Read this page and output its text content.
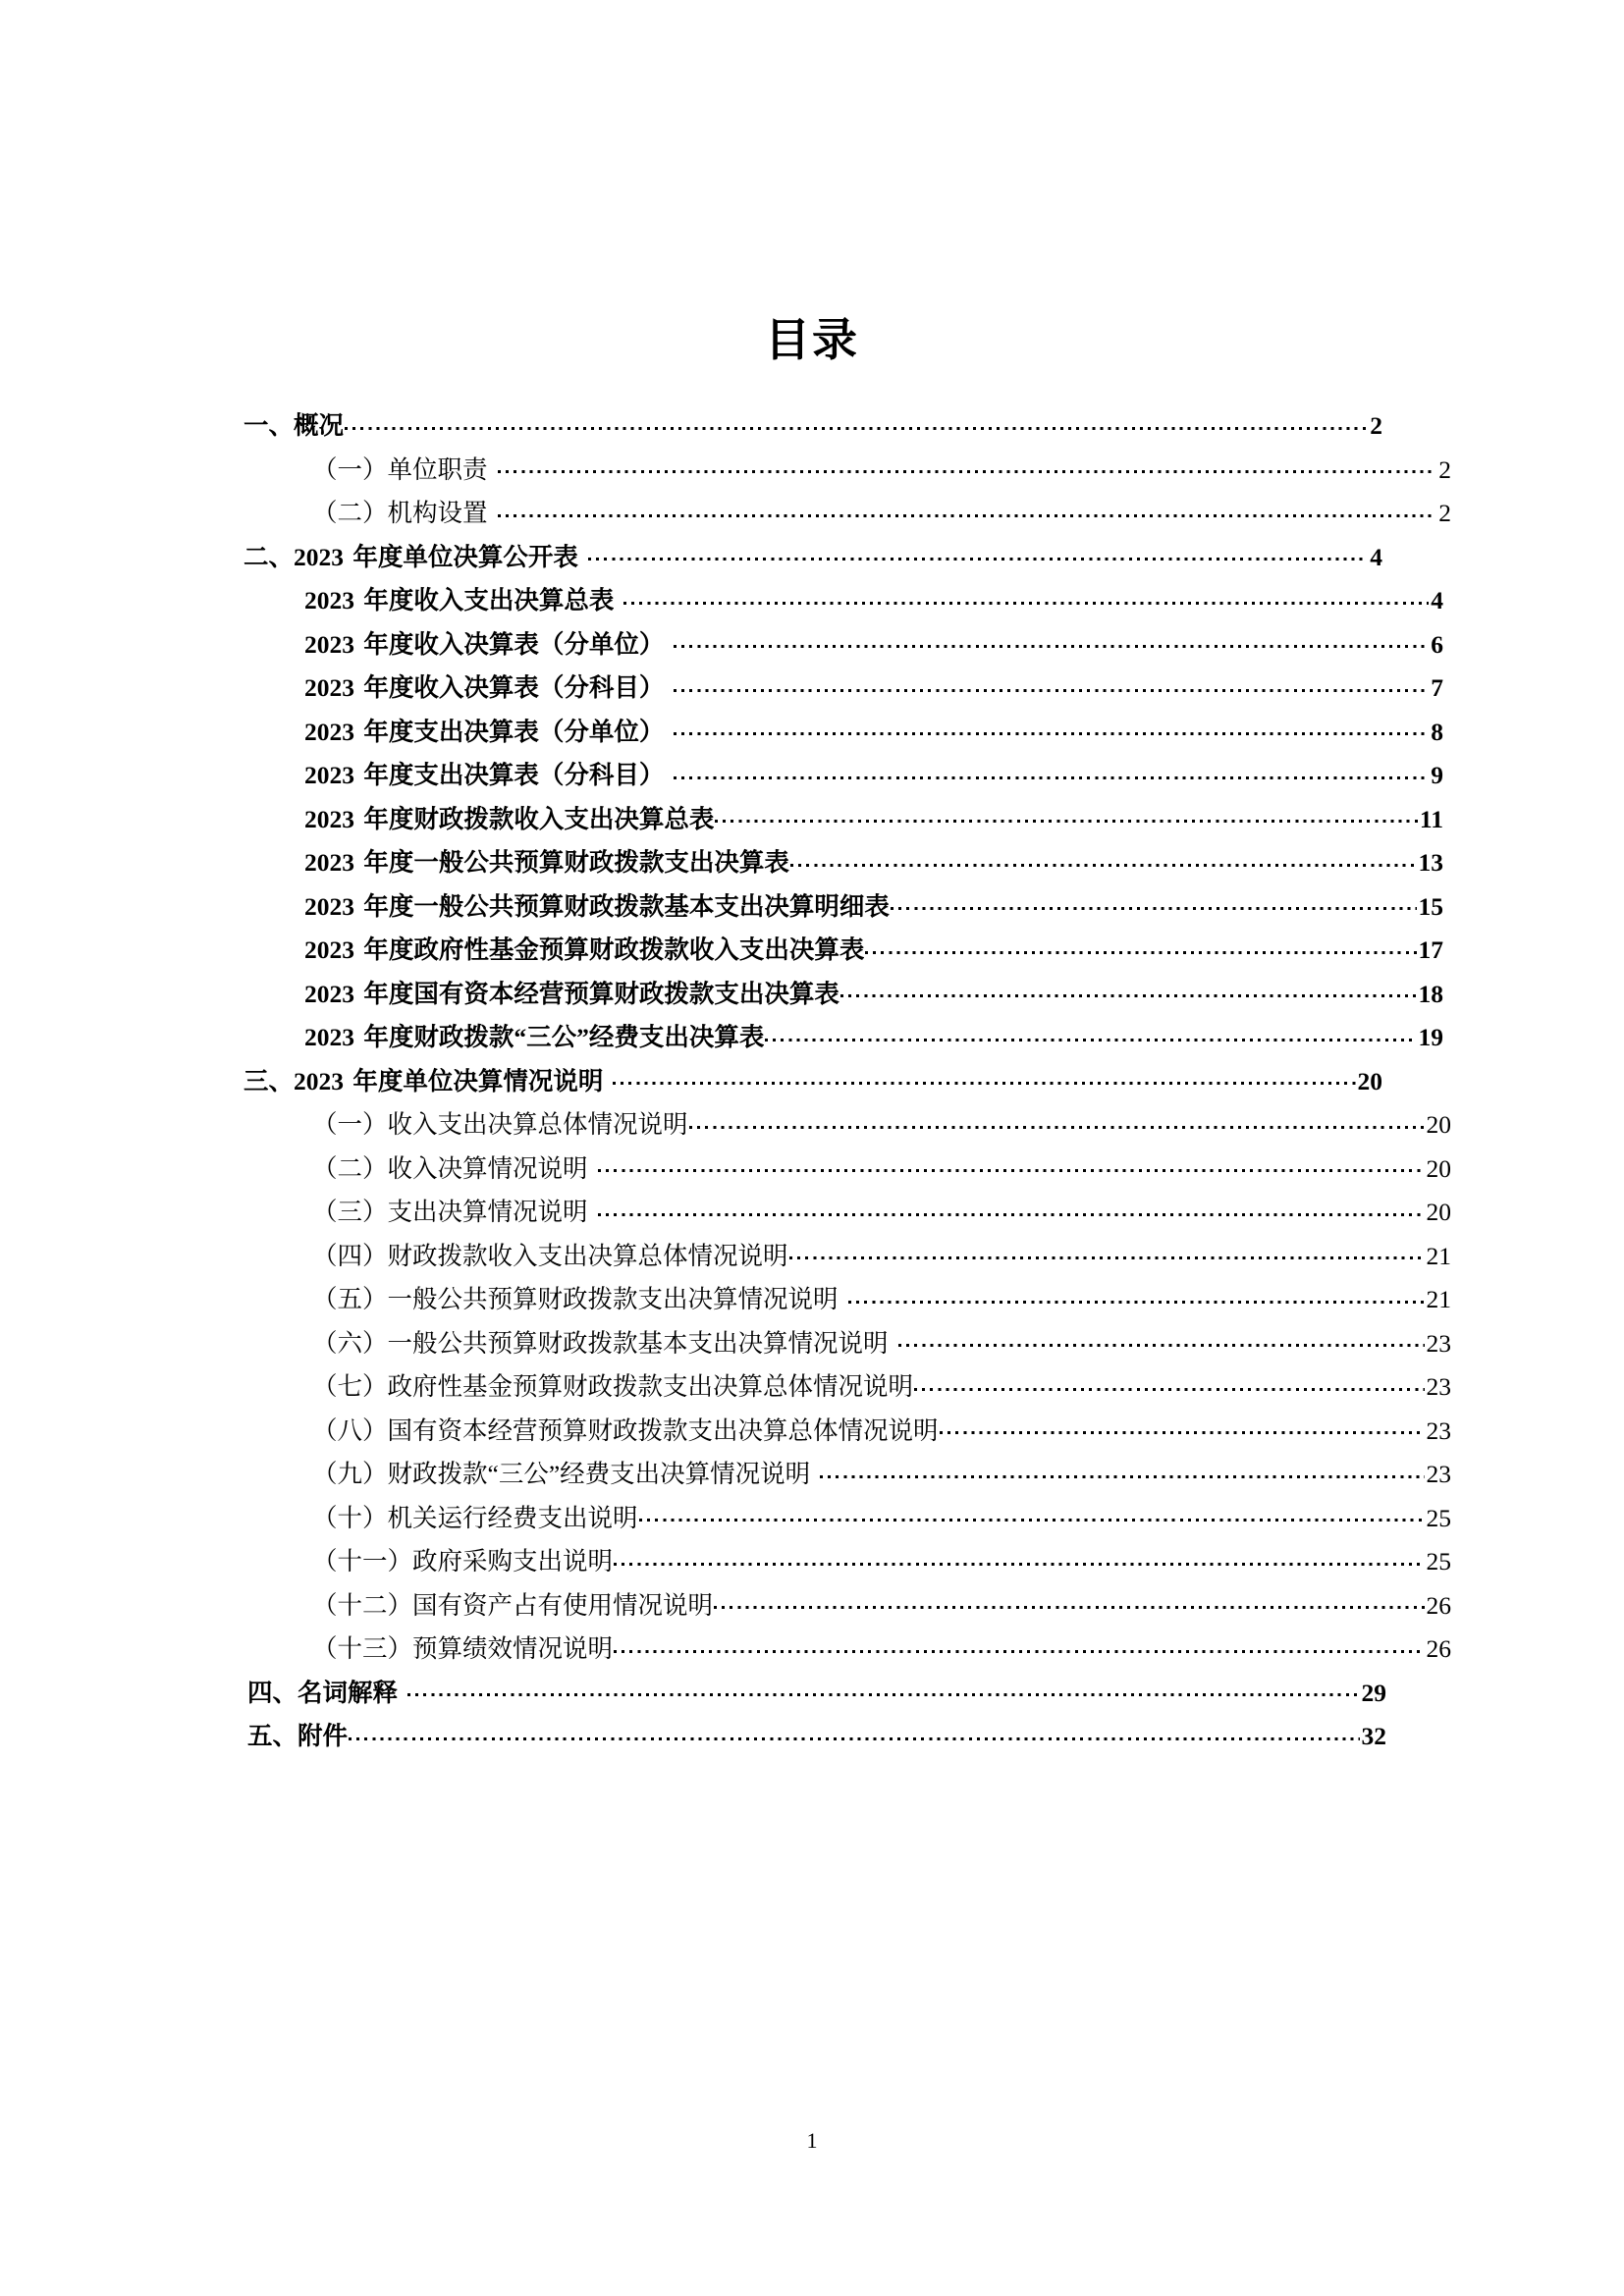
目录
一、概况	2
（一）单位职责	2
（二）机构设置	2
二、2023 年度单位决算公开表	4
2023 年度收入支出决算总表	4
2023 年度收入决算表（分单位）	6
2023 年度收入决算表（分科目）	7
2023 年度支出决算表（分单位）	8
2023 年度支出决算表（分科目）	9
2023 年度财政拨款收入支出决算总表	11
2023 年度一般公共预算财政拨款支出决算表	13
2023 年度一般公共预算财政拨款基本支出决算明细表	15
2023 年度政府性基金预算财政拨款收入支出决算表	17
2023 年度国有资本经营预算财政拨款支出决算表	18
2023 年度财政拨款“三公”经费支出决算表	19
三、2023 年度单位决算情况说明	20
（一）收入支出决算总体情况说明	20
（二）收入决算情况说明	20
（三）支出决算情况说明	20
（四）财政拨款收入支出决算总体情况说明	21
（五）一般公共预算财政拨款支出决算情况说明	21
（六）一般公共预算财政拨款基本支出决算情况说明	23
（七）政府性基金预算财政拨款支出决算总体情况说明	23
（八）国有资本经营预算财政拨款支出决算总体情况说明	23
（九）财政拨款“三公”经费支出决算情况说明	23
（十）机关运行经费支出说明	25
（十一）政府采购支出说明	25
（十二）国有资产占有使用情况说明	26
（十三）预算绩效情况说明	26
四、名词解释	29
五、附件	32
1
